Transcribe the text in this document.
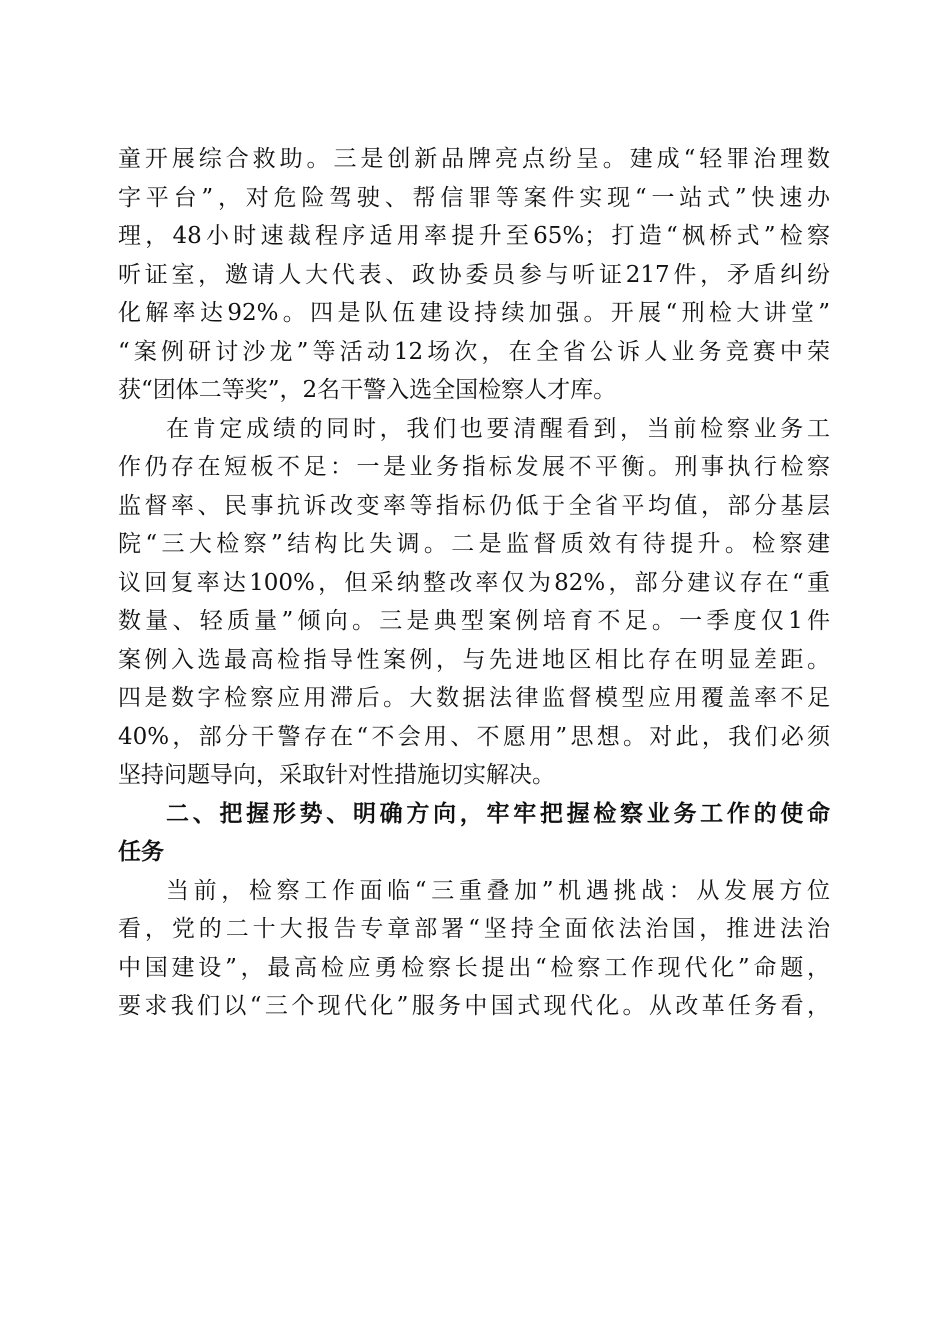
童开展综合救助。三是创新品牌亮点纷呈。建成“轻罪治理数
字平台”，对危险驾驶、帮信罪等案件实现“一站式”快速办
理，48小时速裁程序适用率提升至65%；打造“枫桥式”检察
听证室，邀请人大代表、政协委员参与听证217件，矛盾纠纷
化解率达92%。四是队伍建设持续加强。开展“刑检大讲堂”
“案例研讨沙龙”等活动12场次，在全省公诉人业务竞赛中荣
获“团体二等奖”，2名干警入选全国检察人才库。
在肯定成绩的同时，我们也要清醒看到，当前检察业务工
作仍存在短板不足：一是业务指标发展不平衡。刑事执行检察
监督率、民事抗诉改变率等指标仍低于全省平均值，部分基层
院“三大检察”结构比失调。二是监督质效有待提升。检察建
议回复率达100%，但采纳整改率仅为82%，部分建议存在“重
数量、轻质量”倾向。三是典型案例培育不足。一季度仅1件
案例入选最高检指导性案例，与先进地区相比存在明显差距。
四是数字检察应用滞后。大数据法律监督模型应用覆盖率不足
40%，部分干警存在“不会用、不愿用”思想。对此，我们必须
坚持问题导向，采取针对性措施切实解决。
二、把握形势、明确方向，牢牢把握检察业务工作的使命
任务
当前，检察工作面临“三重叠加”机遇挑战：从发展方位
看，党的二十大报告专章部署“坚持全面依法治国，推进法治
中国建设”，最高检应勇检察长提出“检察工作现代化”命题，
要求我们以“三个现代化”服务中国式现代化。从改革任务看，
